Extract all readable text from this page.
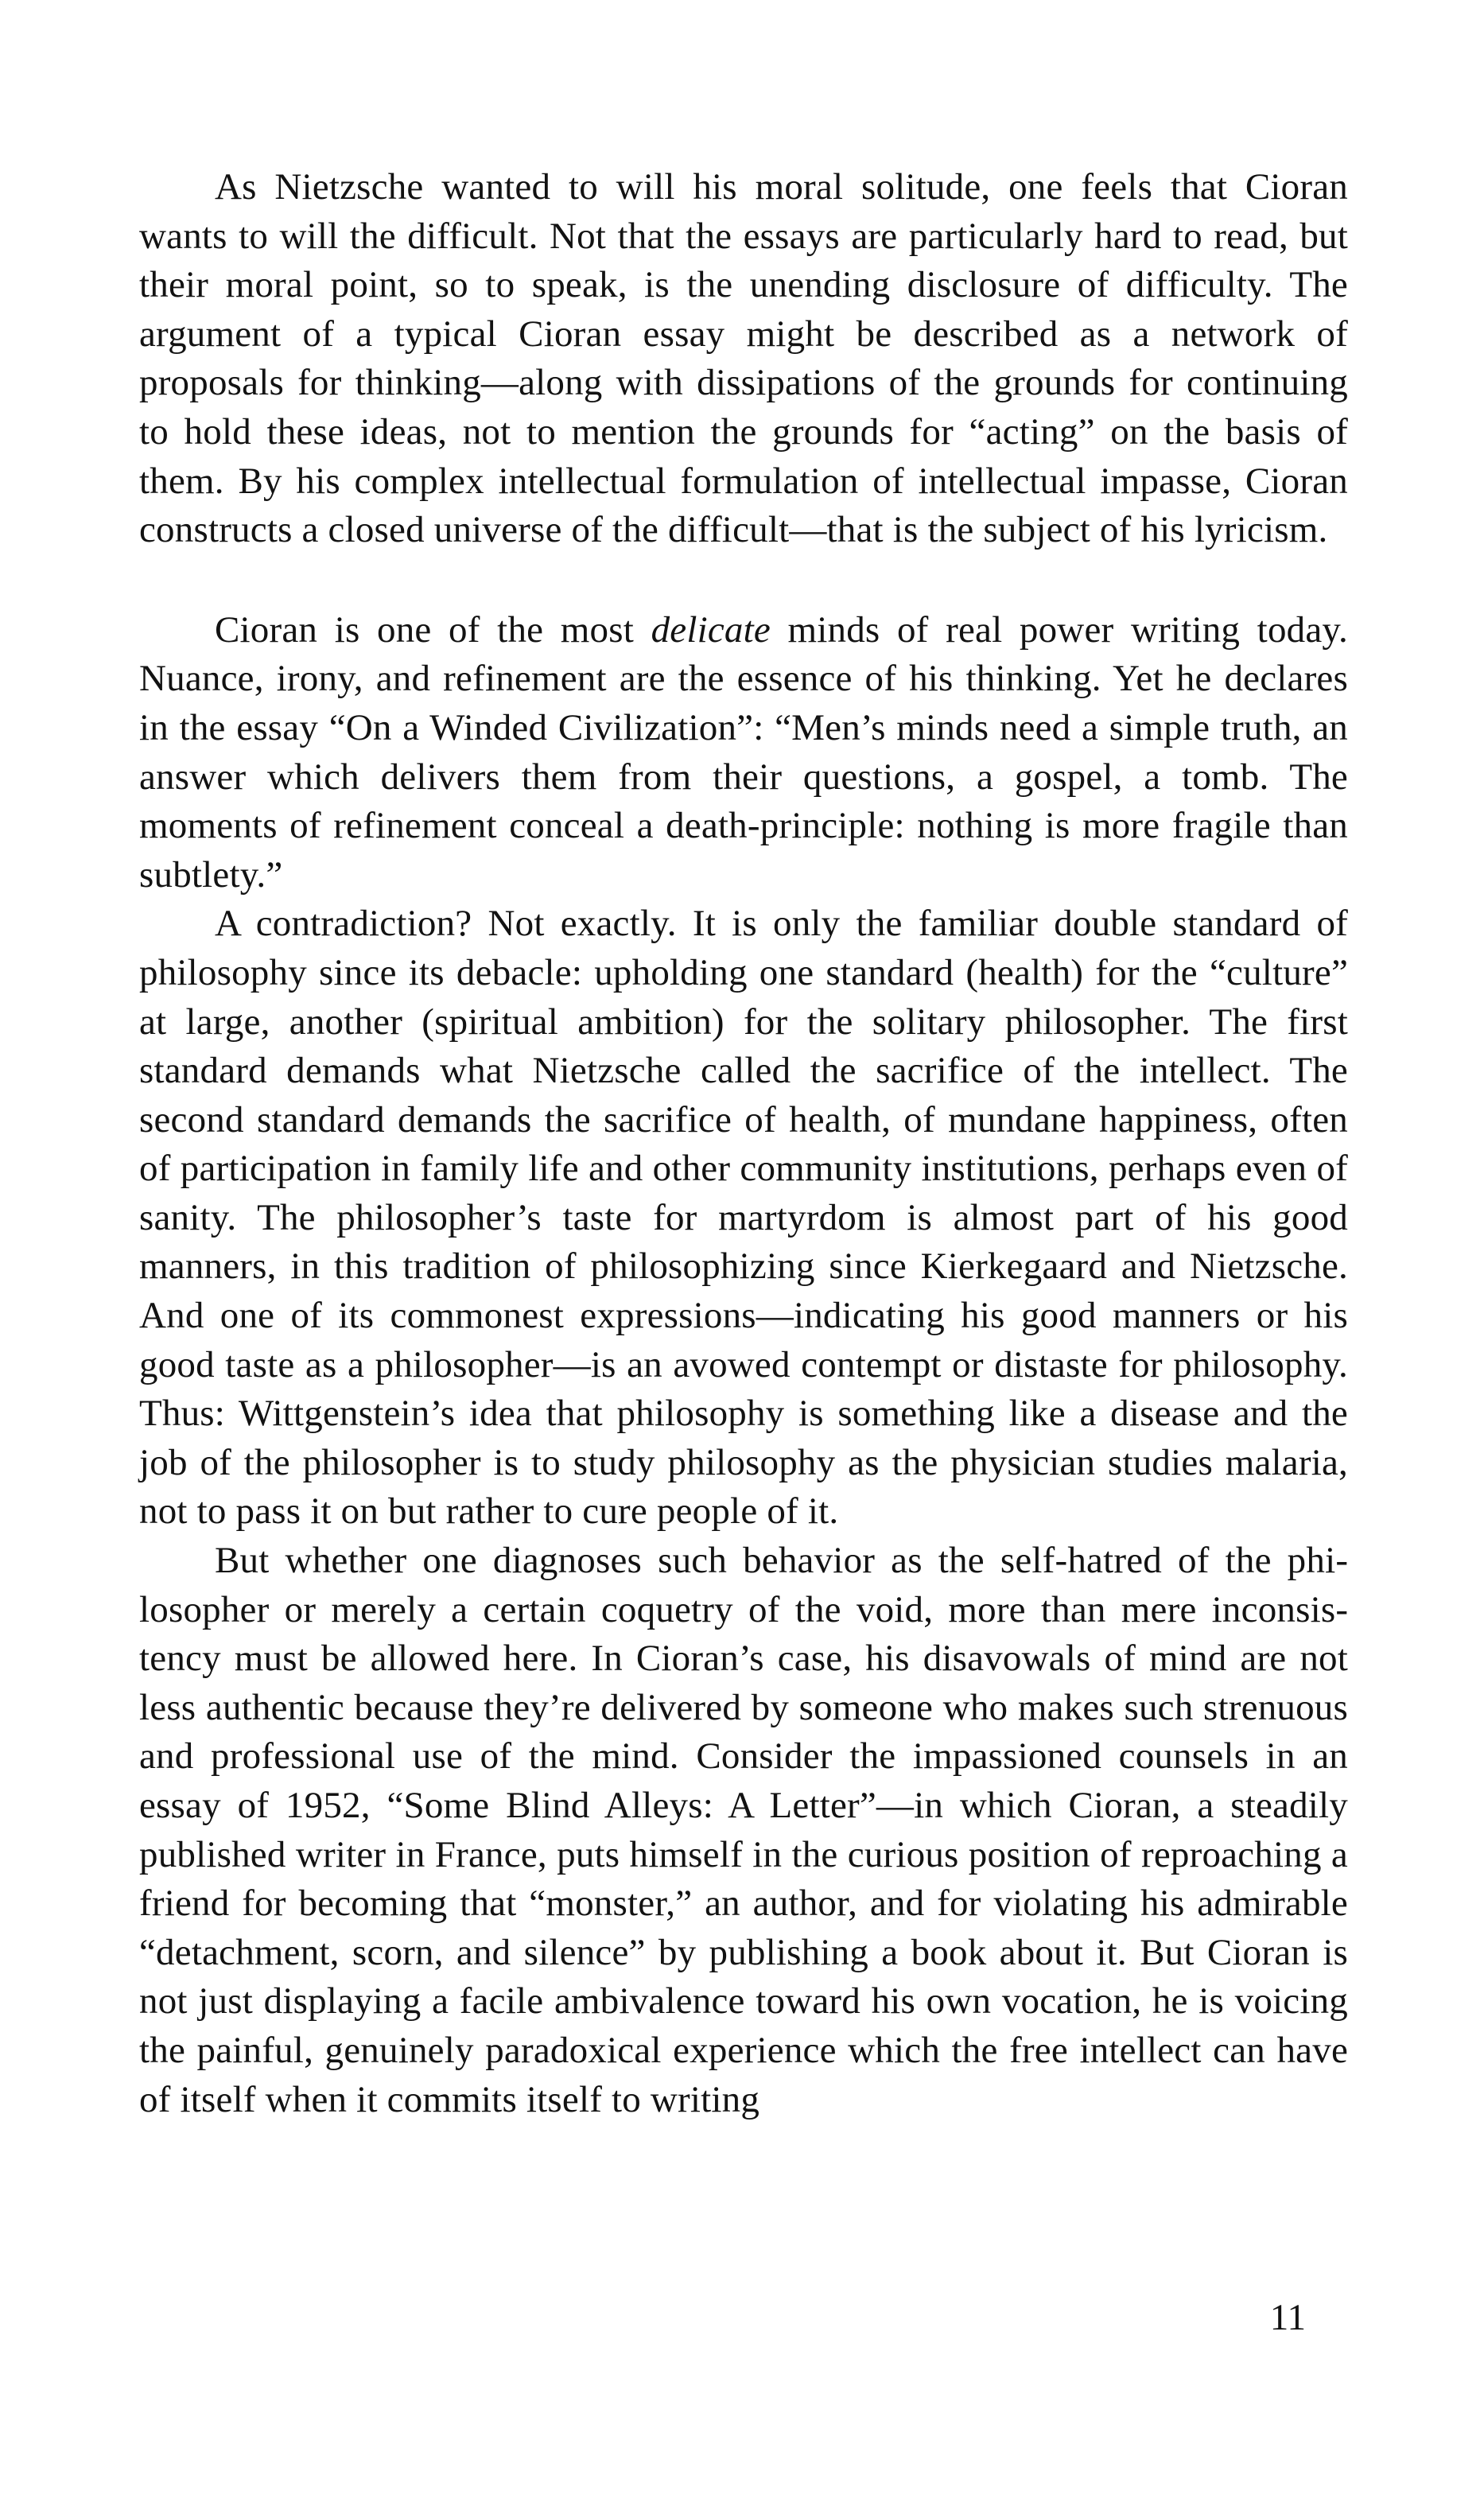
As Nietzsche wanted to will his moral solitude, one feels that Cioran wants to will the difficult. Not that the essays are particularly hard to read, but their moral point, so to speak, is the unending disclosure of difficulty. The argument of a typical Cioran essay might be described as a network of proposals for thinking—along with dissipations of the grounds for continuing to hold these ideas, not to mention the grounds for “acting” on the basis of them. By his complex intellectual formulation of intellectual impasse, Cioran constructs a closed universe of the difficult—that is the subject of his lyricism.

Cioran is one of the most delicate minds of real power writing today. Nuance, irony, and refinement are the essence of his thinking. Yet he declares in the essay “On a Winded Civilization”: “Men’s minds need a simple truth, an answer which delivers them from their questions, a gospel, a tomb. The moments of refinement conceal a death-principle: nothing is more fragile than subtlety.”

A contradiction? Not exactly. It is only the familiar double standard of philosophy since its debacle: upholding one standard (health) for the “culture” at large, another (spiritual ambition) for the solitary philosopher. The first standard demands what Nietzsche called the sacrifice of the intellect. The second standard demands the sacrifice of health, of mundane happiness, often of participation in family life and other community institutions, perhaps even of sanity. The philosopher’s taste for martyrdom is almost part of his good manners, in this tradition of philosophizing since Kierkegaard and Nietzsche. And one of its commonest expressions—indicating his good manners or his good taste as a philosopher—is an avowed contempt or distaste for philosophy. Thus: Wittgenstein’s idea that philosophy is something like a disease and the job of the philosopher is to study philosophy as the physician studies malaria, not to pass it on but rather to cure people of it.

But whether one diagnoses such behavior as the self-hatred of the philosopher or merely a certain coquetry of the void, more than mere inconsistency must be allowed here. In Cioran’s case, his disavowals of mind are not less authentic because they’re delivered by someone who makes such strenuous and professional use of the mind. Consider the impassioned counsels in an essay of 1952, “Some Blind Alleys: A Letter”—in which Cioran, a steadily published writer in France, puts himself in the curious position of reproaching a friend for becoming that “monster,” an author, and for violating his admirable “detachment, scorn, and silence” by publishing a book about it. But Cioran is not just displaying a facile ambivalence toward his own vocation, he is voicing the painful, genuinely paradoxical experience which the free intellect can have of itself when it commits itself to writing

11
